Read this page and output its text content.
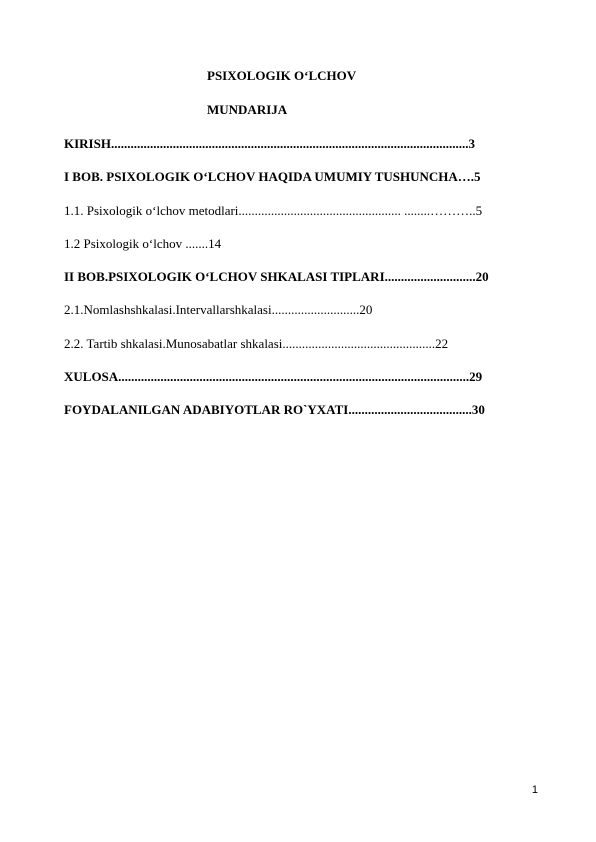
PSIXOLOGIK O‘LCHOV

MUNDARIJA

KIRISH..............................................................................................................3
I BOB. PSIXOLOGIK O‘LCHOV HAQIDA UMUMIY TUSHUNCHA….5
1.1. Psixologik o‘lchov metodlari.................................................. ........………..5
1.2 Psixologik o‘lchov .......14
II BOB.PSIXOLOGIK O‘LCHOV SHKALASI TIPLARI............................20
2.1.Nomlashshkalasi.Intervallarshkalasi...........................20
2.2. Tartib shkalasi.Munosabatlar shkalasi...............................................22
XULOSA............................................................................................................29
FOYDALANILGAN ADABIYOTLAR RO`YXATI......................................30
1
